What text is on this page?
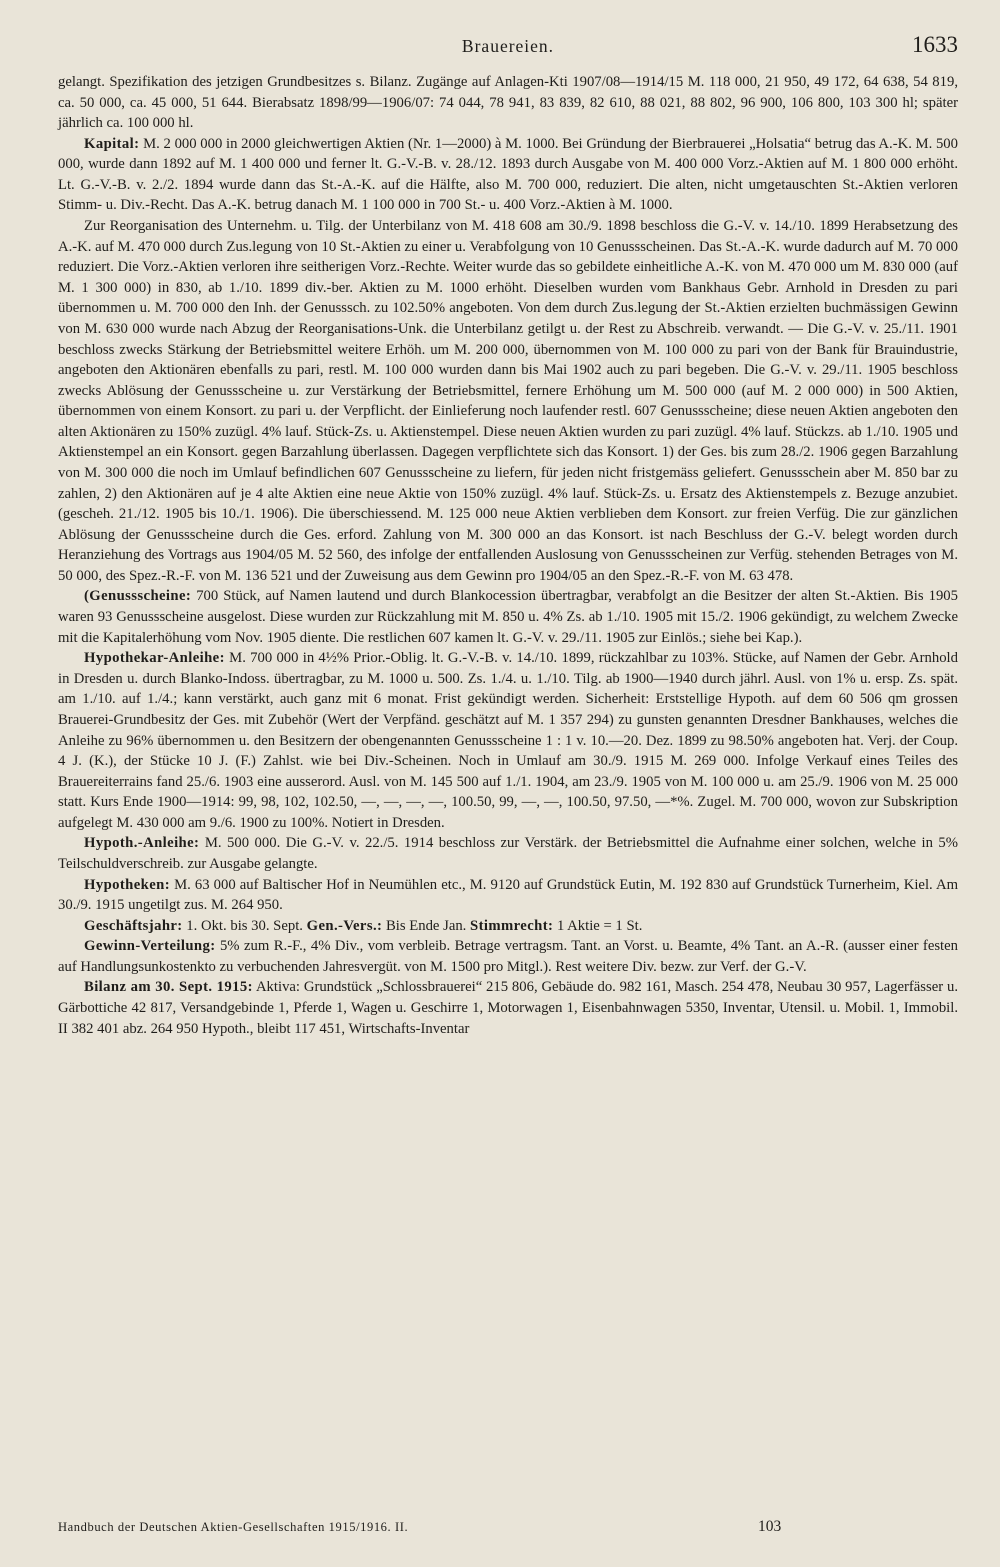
Brauereien.	1633

gelangt. Spezifikation des jetzigen Grundbesitzes s. Bilanz. Zugänge auf Anlagen-Kti 1907/08—1914/15 M. 118 000, 21 950, 49 172, 64 638, 54 819, ca. 50 000, ca. 45 000, 51 644. Bierabsatz 1898/99—1906/07: 74 044, 78 941, 83 839, 82 610, 88 021, 88 802, 96 900, 106 800, 103 300 hl; später jährlich ca. 100 000 hl.

Kapital: M. 2 000 000 in 2000 gleichwertigen Aktien (Nr. 1—2000) à M. 1000. Bei Gründung der Bierbrauerei „Holsatia“ betrug das A.-K. M. 500 000, wurde dann 1892 auf M. 1 400 000 und ferner lt. G.-V.-B. v. 28./12. 1893 durch Ausgabe von M. 400 000 Vorz.-Aktien auf M. 1 800 000 erhöht. Lt. G.-V.-B. v. 2./2. 1894 wurde dann das St.-A.-K. auf die Hälfte, also M. 700 000, reduziert. Die alten, nicht umgetauschten St.-Aktien verloren Stimm- u. Div.-Recht. Das A.-K. betrug danach M. 1 100 000 in 700 St.- u. 400 Vorz.-Aktien à M. 1000.

Zur Reorganisation des Unternehm. u. Tilg. der Unterbilanz von M. 418 608 am 30./9. 1898 beschloss die G.-V. v. 14./10. 1899 Herabsetzung des A.-K. auf M. 470 000 durch Zus.legung von 10 St.-Aktien zu einer u. Verabfolgung von 10 Genussscheinen. Das St.-A.-K. wurde dadurch auf M. 70 000 reduziert. Die Vorz.-Aktien verloren ihre seitherigen Vorz.-Rechte. Weiter wurde das so gebildete einheitliche A.-K. von M. 470 000 um M. 830 000 (auf M. 1 300 000) in 830, ab 1./10. 1899 div.-ber. Aktien zu M. 1000 erhöht. Dieselben wurden vom Bankhaus Gebr. Arnhold in Dresden zu pari übernommen u. M. 700 000 den Inh. der Genusssch. zu 102.50% angeboten. Von dem durch Zus.legung der St.-Aktien erzielten buchmässigen Gewinn von M. 630 000 wurde nach Abzug der Reorganisations-Unk. die Unterbilanz getilgt u. der Rest zu Abschreib. verwandt. — Die G.-V. v. 25./11. 1901 beschloss zwecks Stärkung der Betriebsmittel weitere Erhöh. um M. 200 000, übernommen von M. 100 000 zu pari von der Bank für Brauindustrie, angeboten den Aktionären ebenfalls zu pari, restl. M. 100 000 wurden dann bis Mai 1902 auch zu pari begeben. Die G.-V. v. 29./11. 1905 beschloss zwecks Ablösung der Genussscheine u. zur Verstärkung der Betriebsmittel, fernere Erhöhung um M. 500 000 (auf M. 2 000 000) in 500 Aktien, übernommen von einem Konsort. zu pari u. der Verpflicht. der Einlieferung noch laufender restl. 607 Genussscheine; diese neuen Aktien angeboten den alten Aktionären zu 150% zuzügl. 4% lauf. Stück-Zs. u. Aktienstempel. Diese neuen Aktien wurden zu pari zuzügl. 4% lauf. Stückzs. ab 1./10. 1905 und Aktienstempel an ein Konsort. gegen Barzahlung überlassen. Dagegen verpflichtete sich das Konsort. 1) der Ges. bis zum 28./2. 1906 gegen Barzahlung von M. 300 000 die noch im Umlauf befindlichen 607 Genussscheine zu liefern, für jeden nicht fristgemäss geliefert. Genussschein aber M. 850 bar zu zahlen, 2) den Aktionären auf je 4 alte Aktien eine neue Aktie von 150% zuzügl. 4% lauf. Stück-Zs. u. Ersatz des Aktienstempels z. Bezuge anzubiet. (gescheh. 21./12. 1905 bis 10./1. 1906). Die überschiessend. M. 125 000 neue Aktien verblieben dem Konsort. zur freien Verfüg. Die zur gänzlichen Ablösung der Genussscheine durch die Ges. erford. Zahlung von M. 300 000 an das Konsort. ist nach Beschluss der G.-V. belegt worden durch Heranziehung des Vortrags aus 1904/05 M. 52 560, des infolge der entfallenden Auslosung von Genussscheinen zur Verfüg. stehenden Betrages von M. 50 000, des Spez.-R.-F. von M. 136 521 und der Zuweisung aus dem Gewinn pro 1904/05 an den Spez.-R.-F. von M. 63 478.

(Genussscheine: 700 Stück, auf Namen lautend und durch Blankocession übertragbar, verabfolgt an die Besitzer der alten St.-Aktien. Bis 1905 waren 93 Genussscheine ausgelost. Diese wurden zur Rückzahlung mit M. 850 u. 4% Zs. ab 1./10. 1905 mit 15./2. 1906 gekündigt, zu welchem Zwecke mit die Kapitalerhöhung vom Nov. 1905 diente. Die restlichen 607 kamen lt. G.-V. v. 29./11. 1905 zur Einlös.; siehe bei Kap.).

Hypothekar-Anleihe: M. 700 000 in 4½% Prior.-Oblig. lt. G.-V.-B. v. 14./10. 1899, rückzahlbar zu 103%. Stücke, auf Namen der Gebr. Arnhold in Dresden u. durch Blanko-Indoss. übertragbar, zu M. 1000 u. 500. Zs. 1./4. u. 1./10. Tilg. ab 1900—1940 durch jährl. Ausl. von 1% u. ersp. Zs. spät. am 1./10. auf 1./4.; kann verstärkt, auch ganz mit 6 monat. Frist gekündigt werden. Sicherheit: Erststellige Hypoth. auf dem 60 506 qm grossen Brauerei-Grundbesitz der Ges. mit Zubehör (Wert der Verpfänd. geschätzt auf M. 1 357 294) zu gunsten genannten Dresdner Bankhauses, welches die Anleihe zu 96% übernommen u. den Besitzern der obengenannten Genussscheine 1 : 1 v. 10.—20. Dez. 1899 zu 98.50% angeboten hat. Verj. der Coup. 4 J. (K.), der Stücke 10 J. (F.) Zahlst. wie bei Div.-Scheinen. Noch in Umlauf am 30./9. 1915 M. 269 000. Infolge Verkauf eines Teiles des Brauereiterrains fand 25./6. 1903 eine ausserord. Ausl. von M. 145 500 auf 1./1. 1904, am 23./9. 1905 von M. 100 000 u. am 25./9. 1906 von M. 25 000 statt. Kurs Ende 1900—1914: 99, 98, 102, 102.50, —, —, —, —, 100.50, 99, —, —, 100.50, 97.50, —*%. Zugel. M. 700 000, wovon zur Subskription aufgelegt M. 430 000 am 9./6. 1900 zu 100%. Notiert in Dresden.

Hypoth.-Anleihe: M. 500 000. Die G.-V. v. 22./5. 1914 beschloss zur Verstärk. der Betriebsmittel die Aufnahme einer solchen, welche in 5% Teilschuldverschreib. zur Ausgabe gelangte.

Hypotheken: M. 63 000 auf Baltischer Hof in Neumühlen etc., M. 9120 auf Grundstück Eutin, M. 192 830 auf Grundstück Turnerheim, Kiel. Am 30./9. 1915 ungetilgt zus. M. 264 950.

Geschäftsjahr: 1. Okt. bis 30. Sept. Gen.-Vers.: Bis Ende Jan. Stimmrecht: 1 Aktie = 1 St.

Gewinn-Verteilung: 5% zum R.-F., 4% Div., vom verbleib. Betrage vertragsm. Tant. an Vorst. u. Beamte, 4% Tant. an A.-R. (ausser einer festen auf Handlungsunkostenkto zu verbuchenden Jahresvergüt. von M. 1500 pro Mitgl.). Rest weitere Div. bezw. zur Verf. der G.-V.

Bilanz am 30. Sept. 1915: Aktiva: Grundstück „Schlossbrauerei“ 215 806, Gebäude do. 982 161, Masch. 254 478, Neubau 30 957, Lagerfässer u. Gärbottiche 42 817, Versandgebinde 1, Pferde 1, Wagen u. Geschirre 1, Motorwagen 1, Eisenbahnwagen 5350, Inventar, Utensil. u. Mobil. 1, Immobil. II 382 401 abz. 264 950 Hypoth., bleibt 117 451, Wirtschafts-Inventar

Handbuch der Deutschen Aktien-Gesellschaften 1915/1916. II.	103
